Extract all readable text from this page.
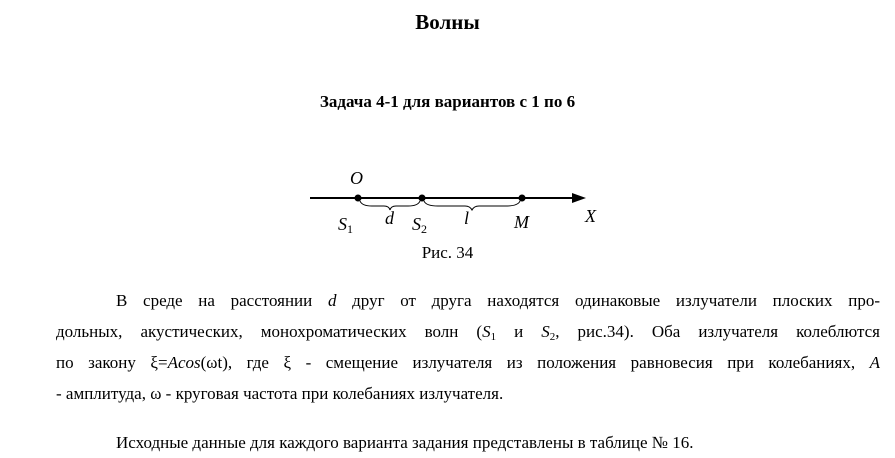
Волны
Задача 4-1 для вариантов с 1 по 6
O
X
S1
d S2
l M
Рис. 34
В среде на расстоянии d друг от друга находятся одинаковые излучатели плоских про-
дольных, акустических, монохроматических волн ($S_1$ и $S_2$, рис.34). Оба излучателя колеблются
по закону ξ=Acos(ωt), где ξ - смещение излучателя из положения равновесия при колебаниях, A
- амплитуда, ω - круговая частота при колебаниях излучателя.
Исходные данные для каждого варианта задания представлены в таблице № 16.
